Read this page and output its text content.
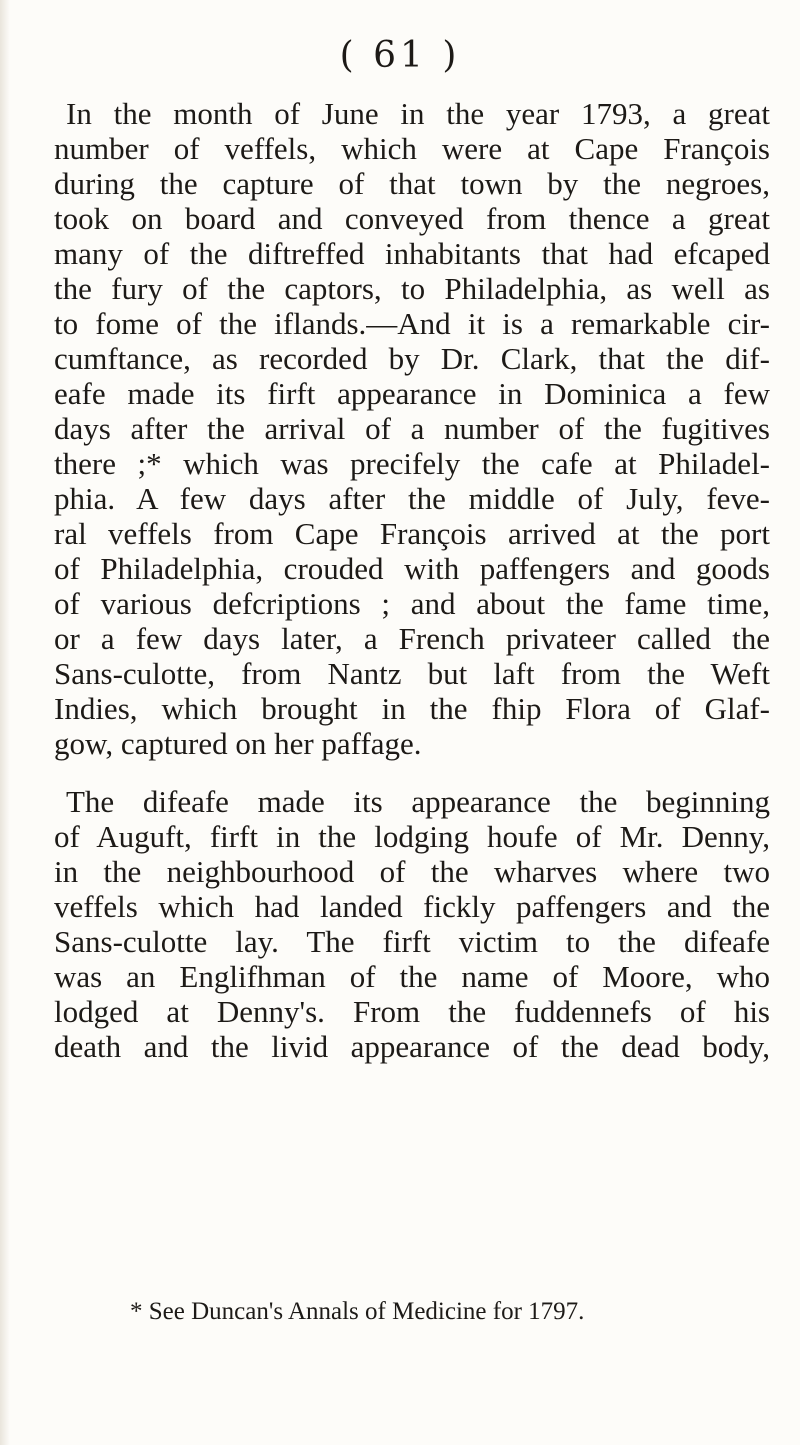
( 61 )
In the month of June in the year 1793, a great
number of veffels, which were at Cape François
during the capture of that town by the negroes,
took on board and conveyed from thence a great
many of the diftreffed inhabitants that had efcaped
the fury of the captors, to Philadelphia, as well as
to fome of the iflands.—And it is a remarkable cir-
cumftance, as recorded by Dr. Clark, that the dif-
eafe made its firft appearance in Dominica a few
days after the arrival of a number of the fugitives
there ;* which was precifely the cafe at Philadel-
phia. A few days after the middle of July, feve-
ral veffels from Cape François arrived at the port
of Philadelphia, crouded with paffengers and goods
of various defcriptions ; and about the fame time,
or a few days later, a French privateer called the
Sans-culotte, from Nantz but laft from the Weft
Indies, which brought in the fhip Flora of Glaf-
gow, captured on her paffage.
The difeafe made its appearance the beginning
of Auguft, firft in the lodging houfe of Mr. Denny,
in the neighbourhood of the wharves where two
veffels which had landed fickly paffengers and the
Sans-culotte lay. The firft victim to the difeafe
was an Englifhman of the name of Moore, who
lodged at Denny's. From the fuddennefs of his
death and the livid appearance of the dead body,
* See Duncan's Annals of Medicine for 1797.
